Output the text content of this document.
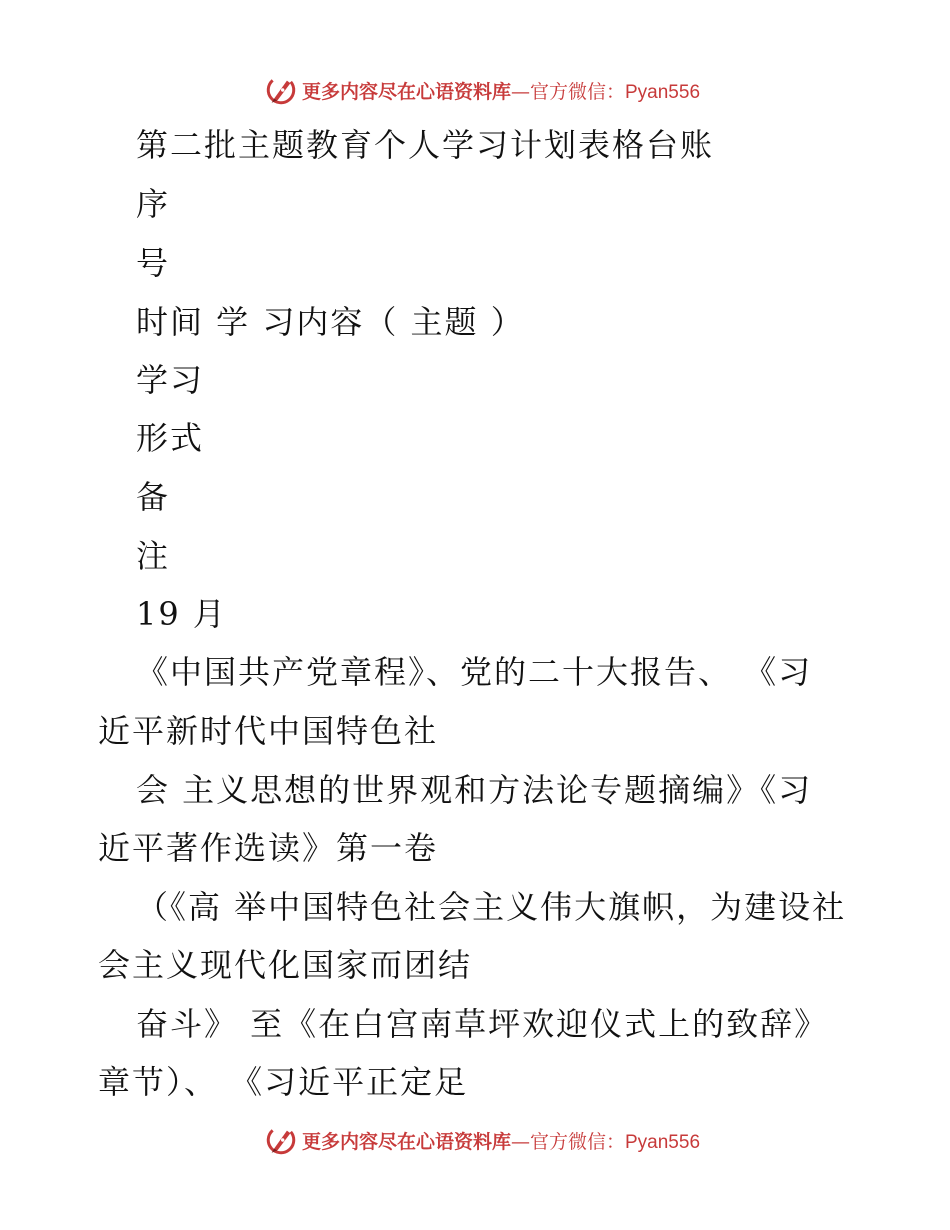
更多内容尽在心语资料库—官方微信：Pyan556
第二批主题教育个人学习计划表格台账
序
号
时间 学 习内容（ 主题 ）
学习
形式
备
注
19 月
《中国共产党章程》、党的二十大报告、 《习
近平新时代中国特色社
会 主义思想的世界观和方法论专题摘编》《习
近平著作选读》第一卷
（《高 举中国特色社会主义伟大旗帜，为建设社
会主义现代化国家而团结
奋斗》 至《在白宫南草坪欢迎仪式上的致辞》
章节）、 《习近平正定足
更多内容尽在心语资料库—官方微信：Pyan556
